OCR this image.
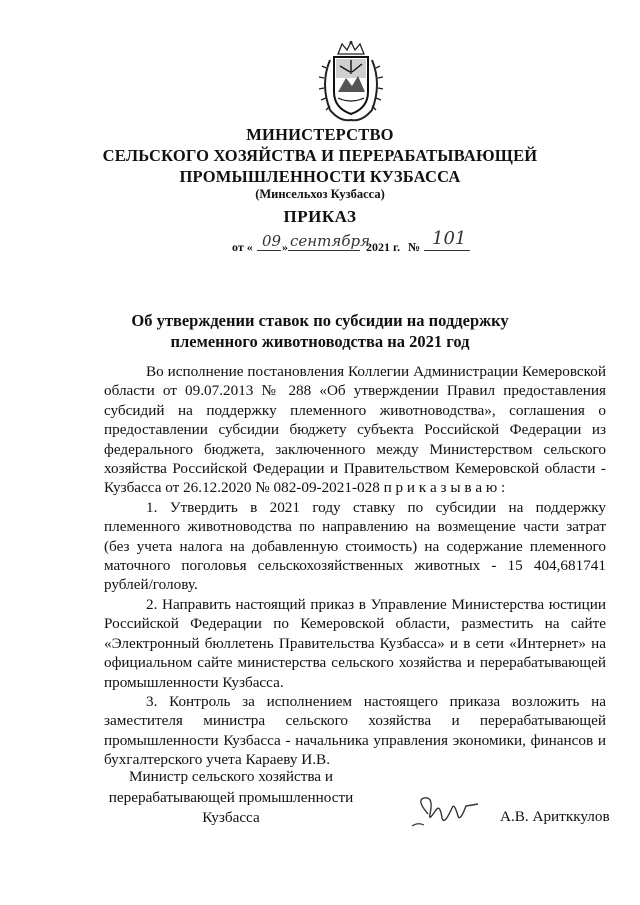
МИНИСТЕРСТВО
СЕЛЬСКОГО ХОЗЯЙСТВА И ПЕРЕРАБАТЫВАЮЩЕЙ
ПРОМЫШЛЕННОСТИ КУЗБАССА
(Минсельхоз Кузбасса)
ПРИКАЗ
от « 09 » сентября
2021 г. № 101
Об утверждении ставок по субсидии на поддержку
племенного животноводства на 2021 год

Во исполнение постановления Коллегии Администрации Кемеровской области от 09.07.2013 № 288 «Об утверждении Правил предоставления субсидий на поддержку племенного животноводства», соглашения о предоставлении субсидии бюджету субъекта Российской Федерации из федерального бюджета, заключенного между Министерством сельского хозяйства Российской Федерации и Правительством Кемеровской области - Кузбасса от 26.12.2020 № 082-09-2021-028 п р и к а з ы в а ю :

1. Утвердить в 2021 году ставку по субсидии на поддержку племенного животноводства по направлению на возмещение части затрат (без учета налога на добавленную стоимость) на содержание племенного маточного поголовья сельскохозяйственных животных - 15 404,681741 рублей/голову.

2. Направить настоящий приказ в Управление Министерства юстиции Российской Федерации по Кемеровской области, разместить на сайте «Электронный бюллетень Правительства Кузбасса» и в сети «Интернет» на официальном сайте министерства сельского хозяйства и перерабатывающей промышленности Кузбасса.

3. Контроль за исполнением настоящего приказа возложить на заместителя министра сельского хозяйства и перерабатывающей промышленности Кузбасса - начальника управления экономики, финансов и бухгалтерского учета Караеву И.В.

Министр сельского хозяйства и
перерабатывающей промышленности
Кузбасса	А.В. Аритккулов
